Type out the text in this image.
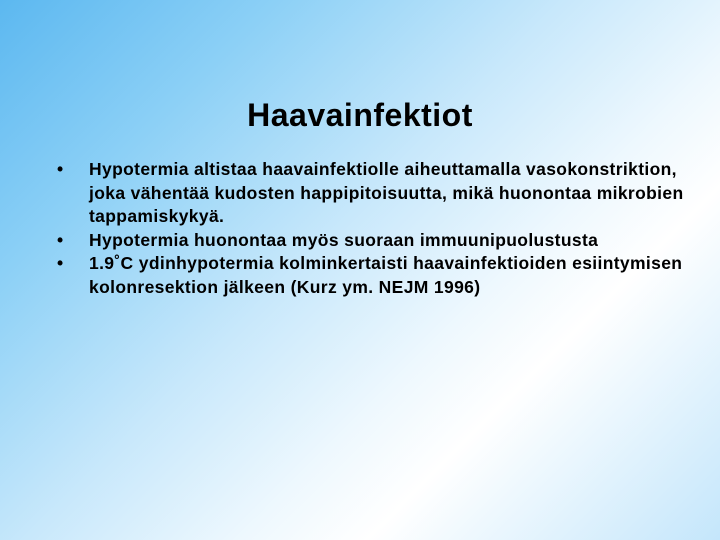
Haavainfektiot
• Hypotermia altistaa haavainfektiolle aiheuttamalla vasokonstriktion, joka vähentää kudosten happipitoisuutta, mikä huonontaa mikrobien tappamiskykyä.
• Hypotermia huonontaa myös suoraan immuunipuolustusta
• 1.9˚C ydinhypotermia kolminkertaisti haavainfektioiden esiintymisen kolonresektion jälkeen (Kurz ym. NEJM 1996)
